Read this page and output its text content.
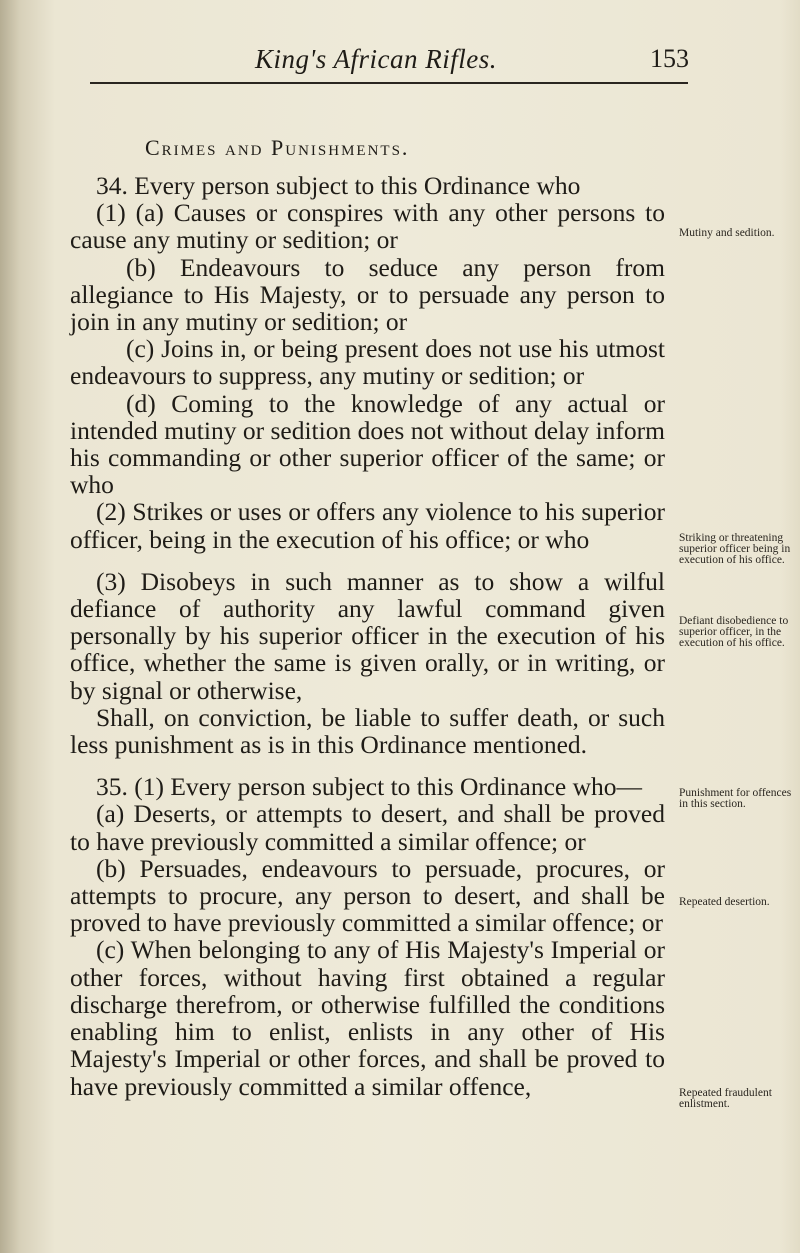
King's African Rifles.	153
Crimes and Punishments.

34. Every person subject to this Ordinance who

(1) (a) Causes or conspires with any other persons to cause any mutiny or sedition; or

(b) Endeavours to seduce any person from allegiance to His Majesty, or to persuade any person to join in any mutiny or sedition; or

(c) Joins in, or being present does not use his utmost endeavours to suppress, any mutiny or sedition; or

(d) Coming to the knowledge of any actual or intended mutiny or sedition does not without delay inform his commanding or other superior officer of the same; or who

(2) Strikes or uses or offers any violence to his superior officer, being in the execution of his office; or who

(3) Disobeys in such manner as to show a wilful defiance of authority any lawful command given personally by his superior officer in the execution of his office, whether the same is given orally, or in writing, or by signal or otherwise,

Shall, on conviction, be liable to suffer death, or such less punishment as is in this Ordinance mentioned.

35. (1) Every person subject to this Ordinance who—

(a) Deserts, or attempts to desert, and shall be proved to have previously committed a similar offence; or

(b) Persuades, endeavours to persuade, procures, or attempts to procure, any person to desert, and shall be proved to have previously committed a similar offence; or

(c) When belonging to any of His Majesty's Imperial or other forces, without having first obtained a regular discharge therefrom, or otherwise fulfilled the conditions enabling him to enlist, enlists in any other of His Majesty's Imperial or other forces, and shall be proved to have previously committed a similar offence,

Mutiny and sedition.
Striking or threatening superior officer being in execution of his office.
Defiant disobedience to superior officer, in the execution of his office.
Punishment for offences in this section.
Repeated desertion.
Repeated fraudulent enlistment.
